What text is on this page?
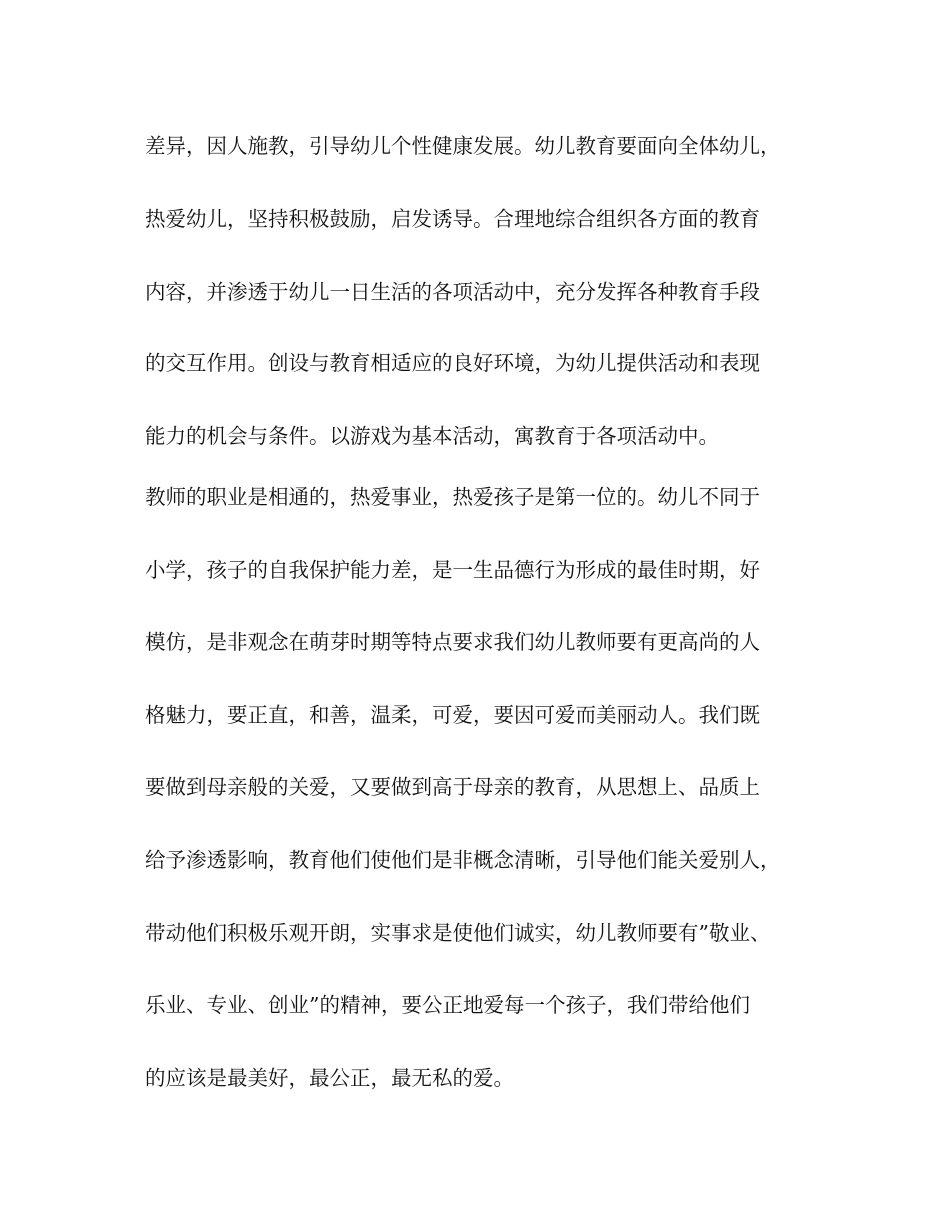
差异，因人施教，引导幼儿个性健康发展。幼儿教育要面向全体幼儿，
热爱幼儿，坚持积极鼓励，启发诱导。合理地综合组织各方面的教育
内容，并渗透于幼儿一日生活的各项活动中，充分发挥各种教育手段
的交互作用。创设与教育相适应的良好环境，为幼儿提供活动和表现
能力的机会与条件。以游戏为基本活动，寓教育于各项活动中。
教师的职业是相通的，热爱事业，热爱孩子是第一位的。幼儿不同于
小学，孩子的自我保护能力差，是一生品德行为形成的最佳时期，好
模仿，是非观念在萌芽时期等特点要求我们幼儿教师要有更高尚的人
格魅力，要正直，和善，温柔，可爱，要因可爱而美丽动人。我们既
要做到母亲般的关爱，又要做到高于母亲的教育，从思想上、品质上
给予渗透影响，教育他们使他们是非概念清晰，引导他们能关爱别人，
带动他们积极乐观开朗，实事求是使他们诚实，幼儿教师要有”敬业、
乐业、专业、创业”的精神，要公正地爱每一个孩子，我们带给他们
的应该是最美好，最公正，最无私的爱。
